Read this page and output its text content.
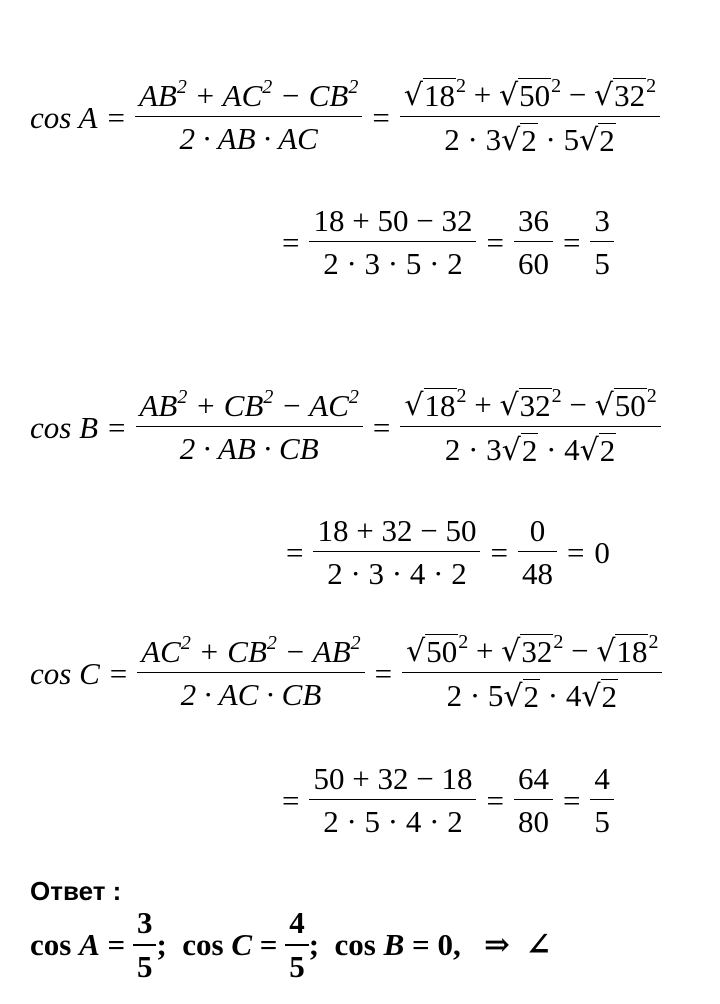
$\cos A = \frac{AB^2 + AC^2 - CB^2}{2 \cdot AB \cdot AC} = \frac{√ 18 ^2 + √ 50 ^2 - √ 32 ^2}{2 \cdot 3 √ 2 \cdot 5 √ 2}$
= $\frac{18 + 50 - 32}{2 \cdot 3 \cdot 5 \cdot 2} = \frac{36}{60} = \frac{3}{5}$
$\cos B = \frac{AB^2 + CB^2 - AC^2}{2 \cdot AB \cdot CB} = \frac{√ 18 ^2 + √ 32 ^2 - √ 50 ^2}{2 \cdot 3 √ 2 \cdot 4 √ 2}$
= $\frac{18 + 32 - 50}{2 \cdot 3 \cdot 4 \cdot 2} = \frac{0}{48} = 0$
$\cos C = \frac{AC^2 + CB^2 - AB^2}{2 \cdot AC \cdot CB} = \frac{√ 50 ^2 + √ 32 ^2 - √ 18 ^2}{2 \cdot 5 √ 2 \cdot 4 √ 2}$
= $\frac{50 + 32 - 18}{2 \cdot 5 \cdot 4 \cdot 2} = \frac{64}{80} = \frac{4}{5}$
Ответ :
$\cos A = \frac{3}{5}$ ;  $\cos C = \frac{4}{5}$ ;  cos B = 0 ,   ⇒  ∠
